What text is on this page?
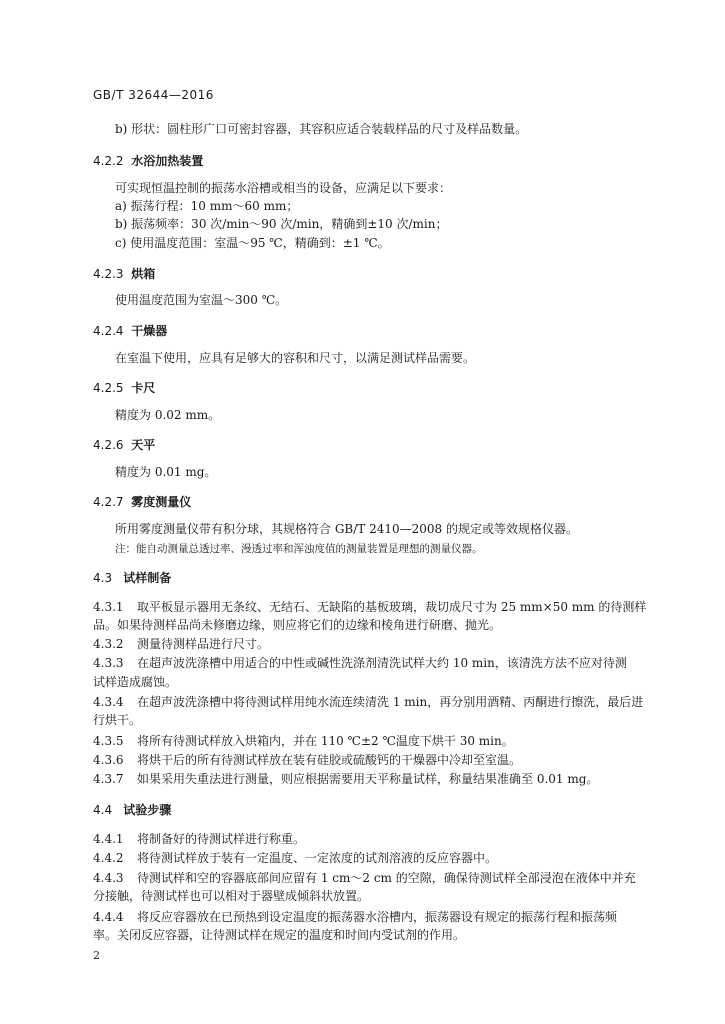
GB/T 32644—2016
b) 形状：圆柱形广口可密封容器，其容积应适合装载样品的尺寸及样品数量。
4.2.2 水浴加热装置
可实现恒温控制的振荡水浴槽或相当的设备，应满足以下要求：
a) 振荡行程：10 mm～60 mm；
b) 振荡频率：30 次/min～90 次/min，精确到±10 次/min；
c) 使用温度范围：室温～95 ℃，精确到：±1 ℃。
4.2.3 烘箱
使用温度范围为室温～300 ℃。
4.2.4 干燥器
在室温下使用，应具有足够大的容积和尺寸，以满足测试样品需要。
4.2.5 卡尺
精度为 0.02 mm。
4.2.6 天平
精度为 0.01 mg。
4.2.7 雾度测量仪
所用雾度测量仪带有积分球，其规格符合 GB/T 2410—2008 的规定或等效规格仪器。
注：能自动测量总透过率、漫透过率和浑浊度值的测量装置是理想的测量仪器。
4.3 试样制备
4.3.1 取平板显示器用无条纹、无结石、无缺陷的基板玻璃，裁切成尺寸为 25 mm×50 mm 的待测样
品。如果待测样品尚未修磨边缘，则应将它们的边缘和棱角进行研磨、抛光。
4.3.2 测量待测样品进行尺寸。
4.3.3 在超声波洗涤槽中用适合的中性或碱性洗涤剂清洗试样大约 10 min，该清洗方法不应对待测
试样造成腐蚀。
4.3.4 在超声波洗涤槽中将待测试样用纯水流连续清洗 1 min，再分别用酒精、丙酮进行擦洗，最后进
行烘干。
4.3.5 将所有待测试样放入烘箱内，并在 110 ℃±2 ℃温度下烘干 30 min。
4.3.6 将烘干后的所有待测试样放在装有硅胶或硫酸钙的干燥器中冷却至室温。
4.3.7 如果采用失重法进行测量，则应根据需要用天平称量试样，称量结果准确至 0.01 mg。
4.4 试验步骤
4.4.1 将制备好的待测试样进行称重。
4.4.2 将待测试样放于装有一定温度、一定浓度的试剂溶液的反应容器中。
4.4.3 待测试样和空的容器底部间应留有 1 cm～2 cm 的空隙，确保待测试样全部浸泡在液体中并充
分接触，待测试样也可以相对于器壁成倾斜状放置。
4.4.4 将反应容器放在已预热到设定温度的振荡器水浴槽内，振荡器设有规定的振荡行程和振荡频
率。关闭反应容器，让待测试样在规定的温度和时间内受试剂的作用。
2
